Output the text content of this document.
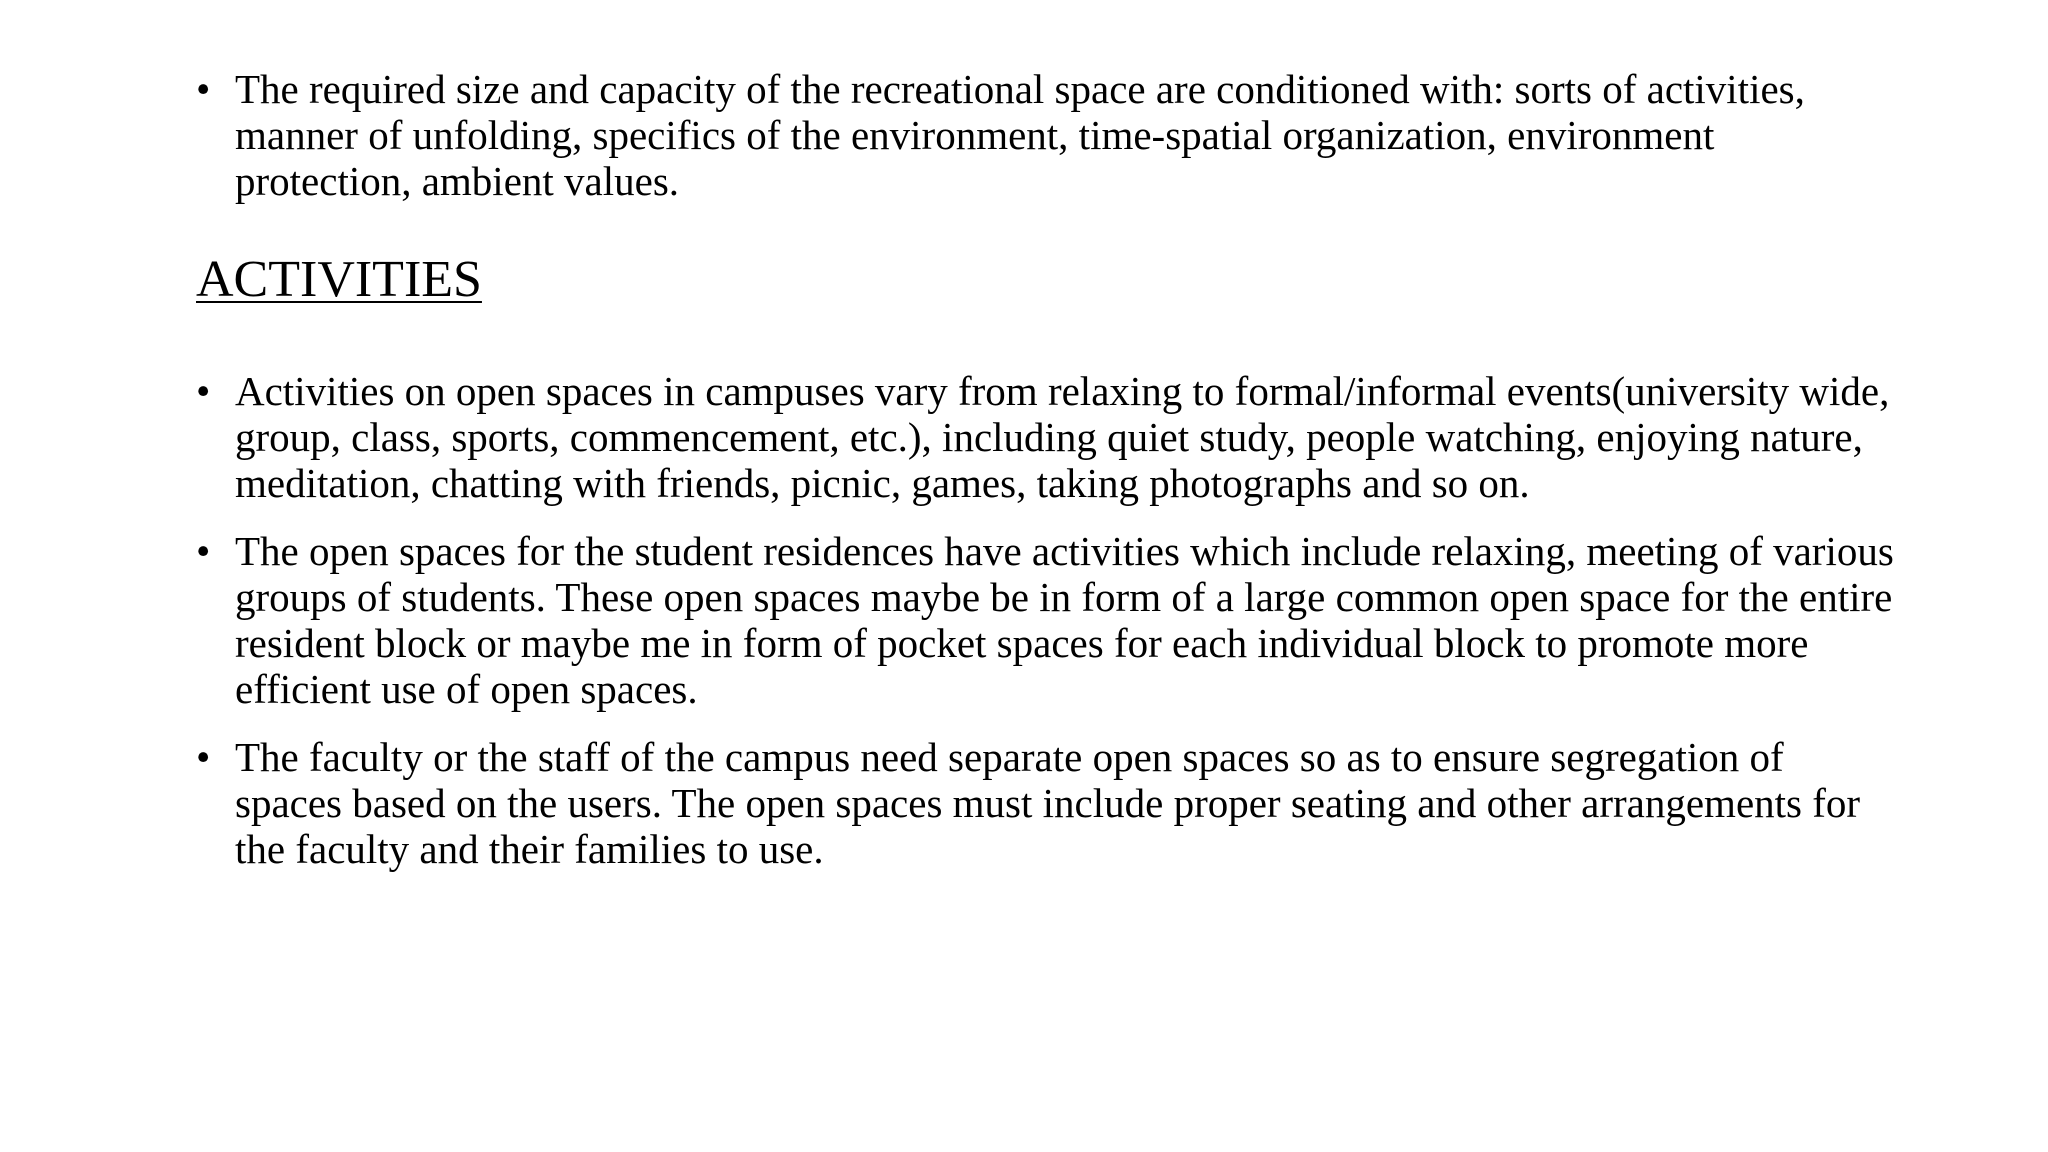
• The required size and capacity of the recreational space are conditioned with: sorts of activities, manner of unfolding, specifics of the environment, time-spatial organization, environment protection, ambient values.
ACTIVITIES
• Activities on open spaces in campuses vary from relaxing to formal/informal events(university wide, group, class, sports, commencement, etc.), including quiet study, people watching, enjoying nature, meditation, chatting with friends, picnic, games, taking photographs and so on.
• The open spaces for the student residences have activities which include relaxing, meeting of various groups of students. These open spaces maybe be in form of a large common open space for the entire resident block or maybe me in form of pocket spaces for each individual block to promote more efficient use of open spaces.
• The faculty or the staff of the campus need separate open spaces so as to ensure segregation of spaces based on the users. The open spaces must include proper seating and other arrangements for the faculty and their families to use.
